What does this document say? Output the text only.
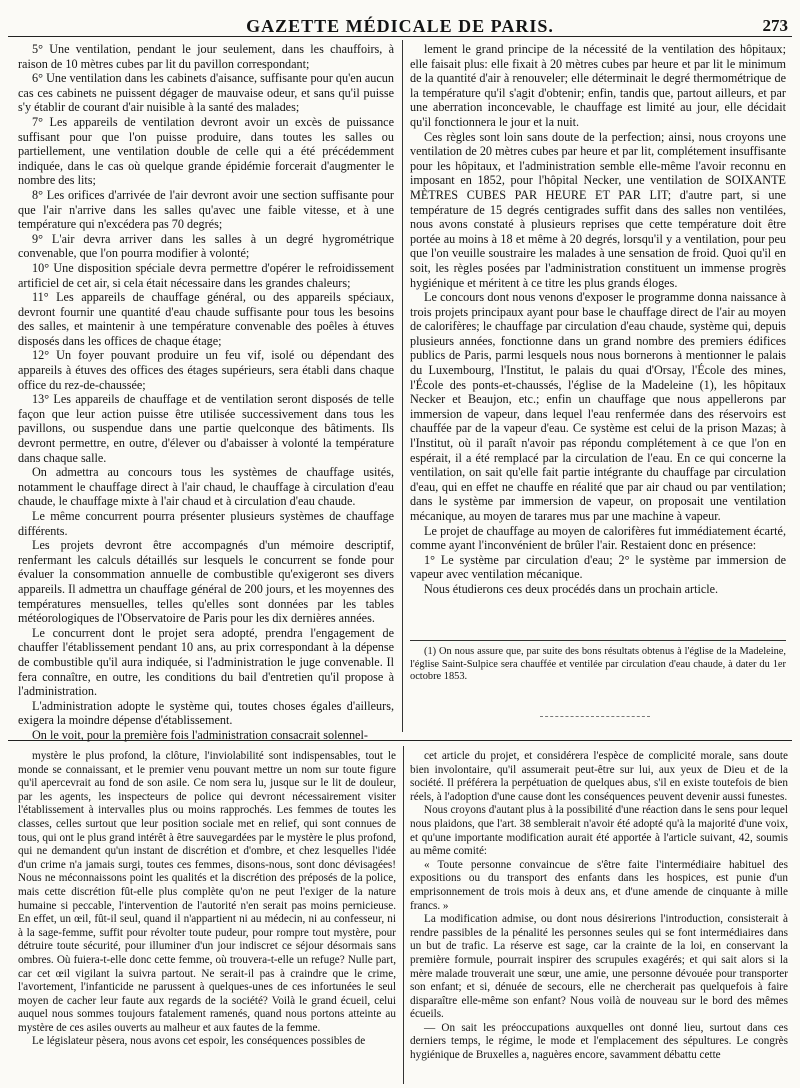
GAZETTE MÉDICALE DE PARIS.	273

5° Une ventilation, pendant le jour seulement, dans les chauffoirs, à raison de 10 mètres cubes par lit du pavillon correspondant;

6° Une ventilation dans les cabinets d'aisance, suffisante pour qu'en aucun cas ces cabinets ne puissent dégager de mauvaise odeur, et sans qu'il puisse s'y établir de courant d'air nuisible à la santé des malades;

7° Les appareils de ventilation devront avoir un excès de puissance suffisant pour que l'on puisse produire, dans toutes les salles ou partiellement, une ventilation double de celle qui a été précédemment indiquée, dans le cas où quelque grande épidémie forcerait d'augmenter le nombre des lits;

8° Les orifices d'arrivée de l'air devront avoir une section suffisante pour que l'air n'arrive dans les salles qu'avec une faible vitesse, et à une température qui n'excédera pas 70 degrés;

9° L'air devra arriver dans les salles à un degré hygrométrique convenable, que l'on pourra modifier à volonté;

10° Une disposition spéciale devra permettre d'opérer le refroidissement artificiel de cet air, si cela était nécessaire dans les grandes chaleurs;

11° Les appareils de chauffage général, ou des appareils spéciaux, devront fournir une quantité d'eau chaude suffisante pour tous les besoins des salles, et maintenir à une température convenable des poêles à étuves disposés dans les offices de chaque étage;

12° Un foyer pouvant produire un feu vif, isolé ou dépendant des appareils à étuves des offices des étages supérieurs, sera établi dans chaque office du rez-de-chaussée;

13° Les appareils de chauffage et de ventilation seront disposés de telle façon que leur action puisse être utilisée successivement dans tous les pavillons, ou suspendue dans une partie quelconque des bâtiments. Ils devront permettre, en outre, d'élever ou d'abaisser à volonté la température dans chaque salle.

On admettra au concours tous les systèmes de chauffage usités, notamment le chauffage direct à l'air chaud, le chauffage à circulation d'eau chaude, le chauffage mixte à l'air chaud et à circulation d'eau chaude.

Le même concurrent pourra présenter plusieurs systèmes de chauffage différents.

Les projets devront être accompagnés d'un mémoire descriptif, renfermant les calculs détaillés sur lesquels le concurrent se fonde pour évaluer la consommation annuelle de combustible qu'exigeront ses divers appareils. Il admettra un chauffage général de 200 jours, et les moyennes des températures mensuelles, telles qu'elles sont données par les tables météorologiques de l'Observatoire de Paris pour les dix dernières années.

Le concurrent dont le projet sera adopté, prendra l'engagement de chauffer l'établissement pendant 10 ans, au prix correspondant à la dépense de combustible qu'il aura indiquée, si l'administration le juge convenable. Il fera connaître, en outre, les conditions du bail d'entretien qu'il propose à l'administration.

L'administration adopte le système qui, toutes choses égales d'ailleurs, exigera la moindre dépense d'établissement.

On le voit, pour la première fois l'administration consacrait solennel-

lement le grand principe de la nécessité de la ventilation des hôpitaux; elle faisait plus: elle fixait à 20 mètres cubes par heure et par lit le minimum de la quantité d'air à renouveler; elle déterminait le degré thermométrique de la température qu'il s'agit d'obtenir; enfin, tandis que, partout ailleurs, et par une aberration inconcevable, le chauffage est limité au jour, elle décidait qu'il fonctionnera le jour et la nuit.

Ces règles sont loin sans doute de la perfection; ainsi, nous croyons une ventilation de 20 mètres cubes par heure et par lit, complétement insuffisante pour les hôpitaux, et l'administration semble elle-même l'avoir reconnu en imposant en 1852, pour l'hôpital Necker, une ventilation de SOIXANTE MÈTRES CUBES PAR HEURE ET PAR LIT; d'autre part, si une température de 15 degrés centigrades suffit dans des salles non ventilées, nous avons constaté à plusieurs reprises que cette température doit être portée au moins à 18 et même à 20 degrés, lorsqu'il y a ventilation, pour peu que l'on veuille soustraire les malades à une sensation de froid. Quoi qu'il en soit, les règles posées par l'administration constituent un immense progrès hygiénique et méritent à ce titre les plus grands éloges.

Le concours dont nous venons d'exposer le programme donna naissance à trois projets principaux ayant pour base le chauffage direct de l'air au moyen de calorifères; le chauffage par circulation d'eau chaude, système qui, depuis plusieurs années, fonctionne dans un grand nombre des premiers édifices publics de Paris, parmi lesquels nous nous bornerons à mentionner le palais du Luxembourg, l'Institut, le palais du quai d'Orsay, l'École des mines, l'École des ponts-et-chaussés, l'église de la Madeleine (1), les hôpitaux Necker et Beaujon, etc.; enfin un chauffage que nous appellerons par immersion de vapeur, dans lequel l'eau renfermée dans des réservoirs est chauffée par de la vapeur d'eau. Ce système est celui de la prison Mazas; à l'Institut, où il paraît n'avoir pas répondu complétement à ce que l'on en espérait, il a été remplacé par la circulation de l'eau. En ce qui concerne la ventilation, on sait qu'elle fait partie intégrante du chauffage par circulation d'eau, qui en effet ne chauffe en réalité que par air chaud ou par ventilation; dans le système par immersion de vapeur, on proposait une ventilation mécanique, au moyen de tarares mus par une machine à vapeur.

Le projet de chauffage au moyen de calorifères fut immédiatement écarté, comme ayant l'inconvénient de brûler l'air. Restaient donc en présence:

1° Le système par circulation d'eau; 2° le système par immersion de vapeur avec ventilation mécanique.

Nous étudierons ces deux procédés dans un prochain article.

(1) On nous assure que, par suite des bons résultats obtenus à l'église de la Madeleine, l'église Saint-Sulpice sera chauffée et ventilée par circulation d'eau chaude, à dater du 1er octobre 1853.

mystère le plus profond, la clôture, l'inviolabilité sont indispensables, tout le monde se connaissant, et le premier venu pouvant mettre un nom sur toute figure qu'il apercevrait au fond de son asile. Ce nom sera lu, jusque sur le lit de douleur, par les agents, les inspecteurs de police qui devront nécessairement visiter l'établissement à intervalles plus ou moins rapprochés. Les femmes de toutes les classes, celles surtout que leur position sociale met en relief, qui sont connues de tous, qui ont le plus grand intérêt à être sauvegardées par le mystère le plus profond, qui ne demandent qu'un instant de discrétion et d'ombre, et chez lesquelles l'idée d'un crime n'a jamais surgi, toutes ces femmes, disons-nous, sont donc dévisagées! Nous ne méconnaissons point les qualités et la discrétion des préposés de la police, mais cette discrétion fût-elle plus complète qu'on ne peut l'exiger de la nature humaine si peccable, l'intervention de l'autorité n'en serait pas moins pernicieuse. En effet, un œil, fût-il seul, quand il n'appartient ni au médecin, ni au confesseur, ni à la sage-femme, suffit pour révolter toute pudeur, pour rompre tout mystère, pour détruire toute sécurité, pour illuminer d'un jour indiscret ce séjour désormais sans ombres. Où fuiera-t-elle donc cette femme, où trouvera-t-elle un refuge? Nulle part, car cet œil vigilant la suivra partout. Ne serait-il pas à craindre que le crime, l'avortement, l'infanticide ne parussent à quelques-unes de ces infortunées le seul moyen de cacher leur faute aux regards de la société? Voilà le grand écueil, celui auquel nous sommes toujours fatalement ramenés, quand nous portons atteinte au mystère de ces asiles ouverts au malheur et aux fautes de la femme.

Le législateur pèsera, nous avons cet espoir, les conséquences possibles de

cet article du projet, et considérera l'espèce de complicité morale, sans doute bien involontaire, qu'il assumerait peut-être sur lui, aux yeux de Dieu et de la société. Il préférera la perpétuation de quelques abus, s'il en existe toutefois de bien réels, à l'adoption d'une cause dont les conséquences peuvent devenir aussi funestes.

Nous croyons d'autant plus à la possibilité d'une réaction dans le sens pour lequel nous plaidons, que l'art. 38 semblerait n'avoir été adopté qu'à la majorité d'une voix, et qu'une importante modification aurait été apportée à l'article suivant, 42, soumis au même comité:

« Toute personne convaincue de s'être faite l'intermédiaire habituel des expositions ou du transport des enfants dans les hospices, est punie d'un emprisonnement de trois mois à deux ans, et d'une amende de cinquante à mille francs. »

La modification admise, ou dont nous désirerions l'introduction, consisterait à rendre passibles de la pénalité les personnes seules qui se font intermédiaires dans un but de trafic. La réserve est sage, car la crainte de la loi, en conservant la première formule, pourrait inspirer des scrupules exagérés; et qui sait alors si la mère malade trouverait une sœur, une amie, une personne dévouée pour transporter son enfant; et si, dénuée de secours, elle ne chercherait pas quelquefois à faire disparaître elle-même son enfant? Nous voilà de nouveau sur le bord des mêmes écueils.

— On sait les préoccupations auxquelles ont donné lieu, surtout dans ces derniers temps, le régime, le mode et l'emplacement des sépultures. Le congrès hygiénique de Bruxelles a, naguères encore, savamment débattu cette
